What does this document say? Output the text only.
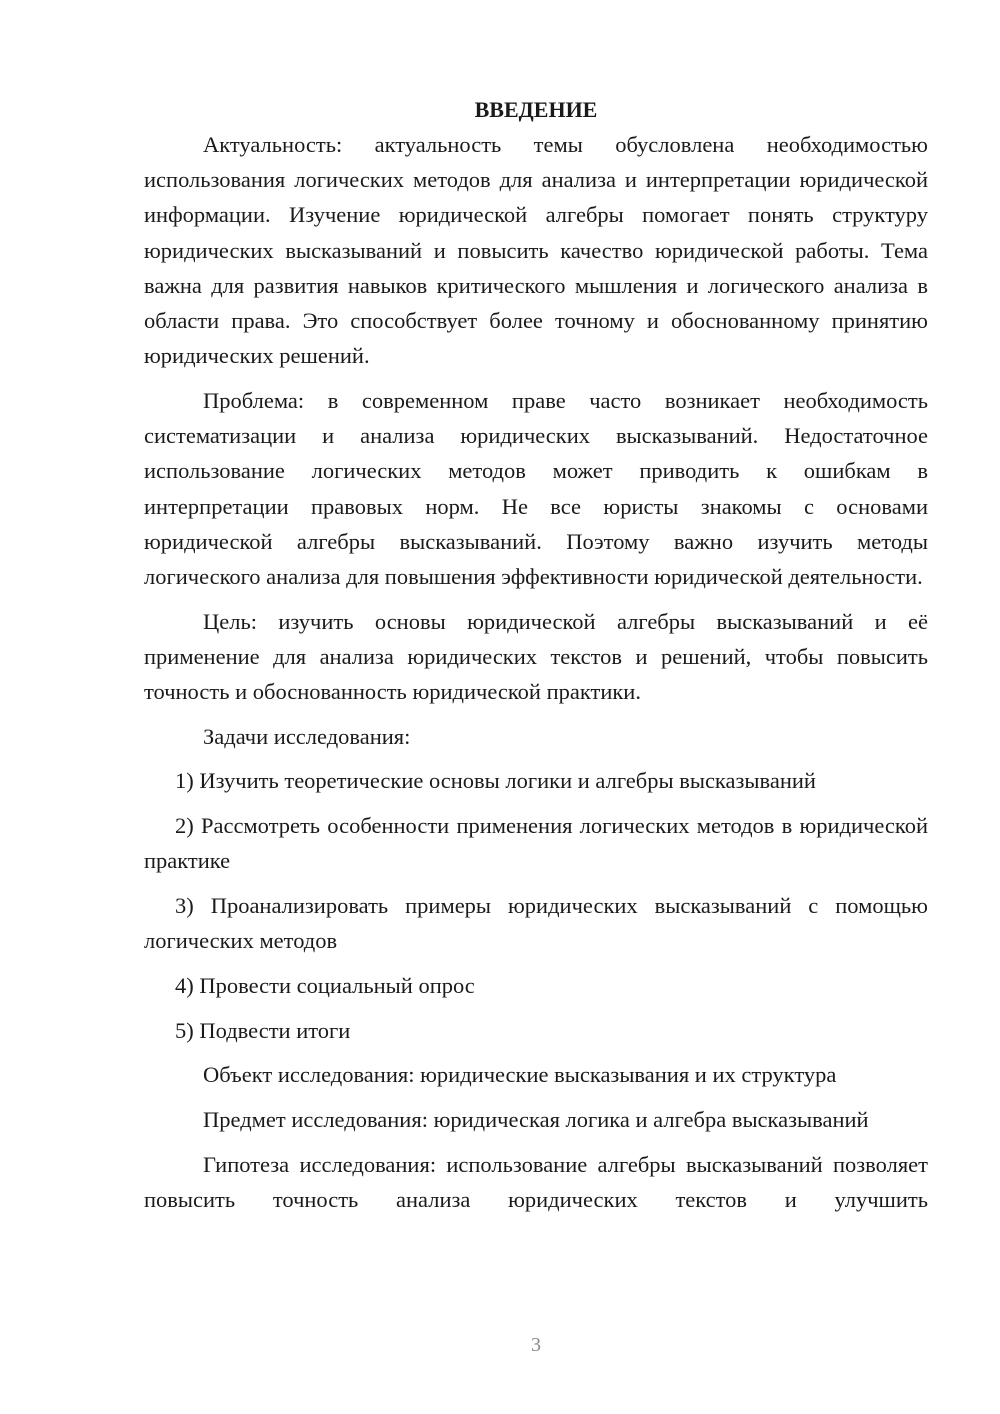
ВВЕДЕНИЕ

Актуальность: актуальность темы обусловлена необходимостью использования логических методов для анализа и интерпретации юридической информации. Изучение юридической алгебры помогает понять структуру юридических высказываний и повысить качество юридической работы. Тема важна для развития навыков критического мышления и логического анализа в области права. Это способствует более точному и обоснованному принятию юридических решений.

Проблема: в современном праве часто возникает необходимость систематизации и анализа юридических высказываний. Недостаточное использование логических методов может приводить к ошибкам в интерпретации правовых норм. Не все юристы знакомы с основами юридической алгебры высказываний. Поэтому важно изучить методы логического анализа для повышения эффективности юридической деятельности.

Цель: изучить основы юридической алгебры высказываний и её применение для анализа юридических текстов и решений, чтобы повысить точность и обоснованность юридической практики.

Задачи исследования:

1) Изучить теоретические основы логики и алгебры высказываний

2) Рассмотреть особенности применения логических методов в юридической практике

3) Проанализировать примеры юридических высказываний с помощью логических методов

4) Провести социальный опрос

5) Подвести итоги

Объект исследования: юридические высказывания и их структура

Предмет исследования: юридическая логика и алгебра высказываний

Гипотеза исследования: использование алгебры высказываний позволяет повысить точность анализа юридических текстов и улучшить

3
